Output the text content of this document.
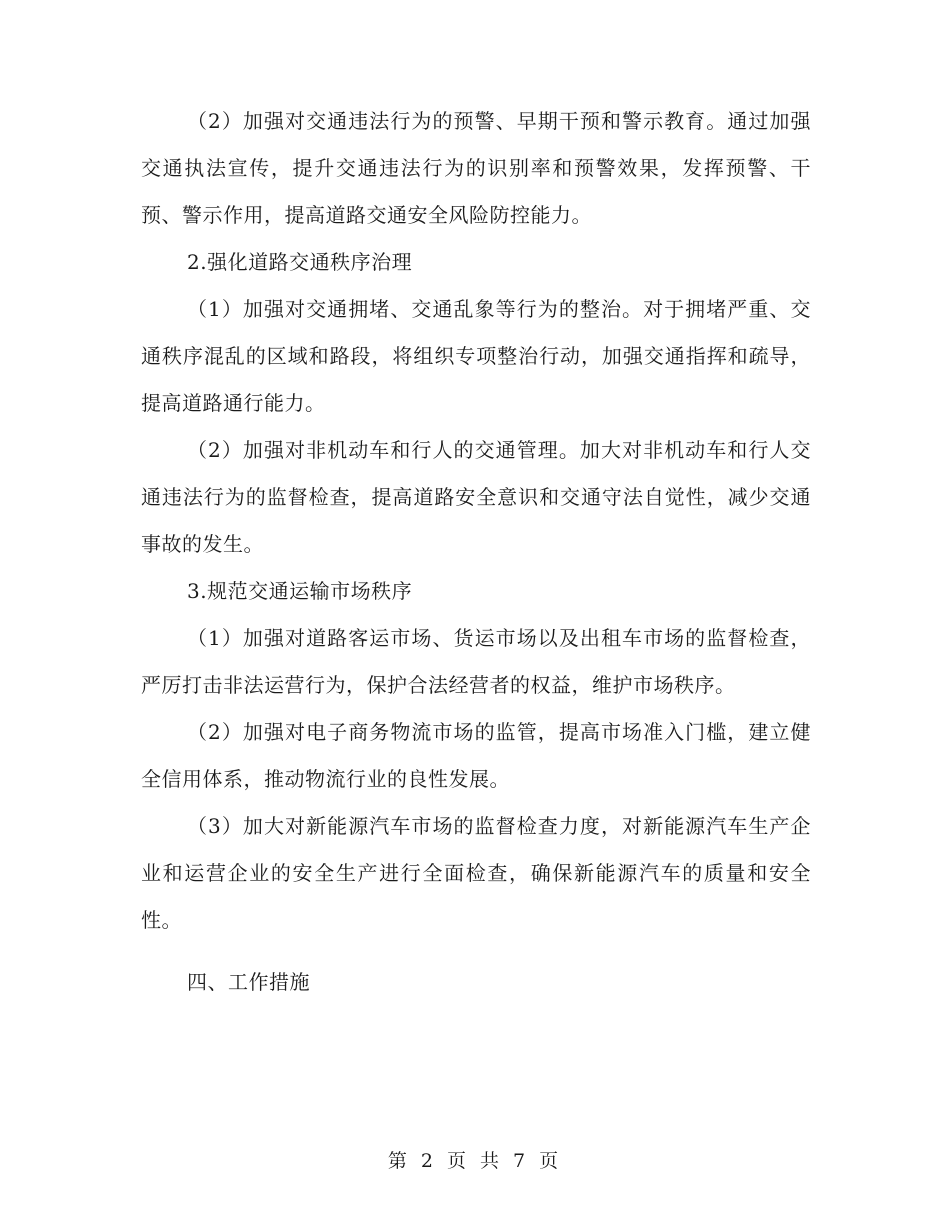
（2）加强对交通违法行为的预警、早期干预和警示教育。通过加强交通执法宣传，提升交通违法行为的识别率和预警效果，发挥预警、干预、警示作用，提高道路交通安全风险防控能力。

2.强化道路交通秩序治理

（1）加强对交通拥堵、交通乱象等行为的整治。对于拥堵严重、交通秩序混乱的区域和路段，将组织专项整治行动，加强交通指挥和疏导，提高道路通行能力。

（2）加强对非机动车和行人的交通管理。加大对非机动车和行人交通违法行为的监督检查，提高道路安全意识和交通守法自觉性，减少交通事故的发生。

3.规范交通运输市场秩序

（1）加强对道路客运市场、货运市场以及出租车市场的监督检查，严厉打击非法运营行为，保护合法经营者的权益，维护市场秩序。

（2）加强对电子商务物流市场的监管，提高市场准入门槛，建立健全信用体系，推动物流行业的良性发展。

（3）加大对新能源汽车市场的监督检查力度，对新能源汽车生产企业和运营企业的安全生产进行全面检查，确保新能源汽车的质量和安全性。

四、工作措施

第 2 页 共 7 页
